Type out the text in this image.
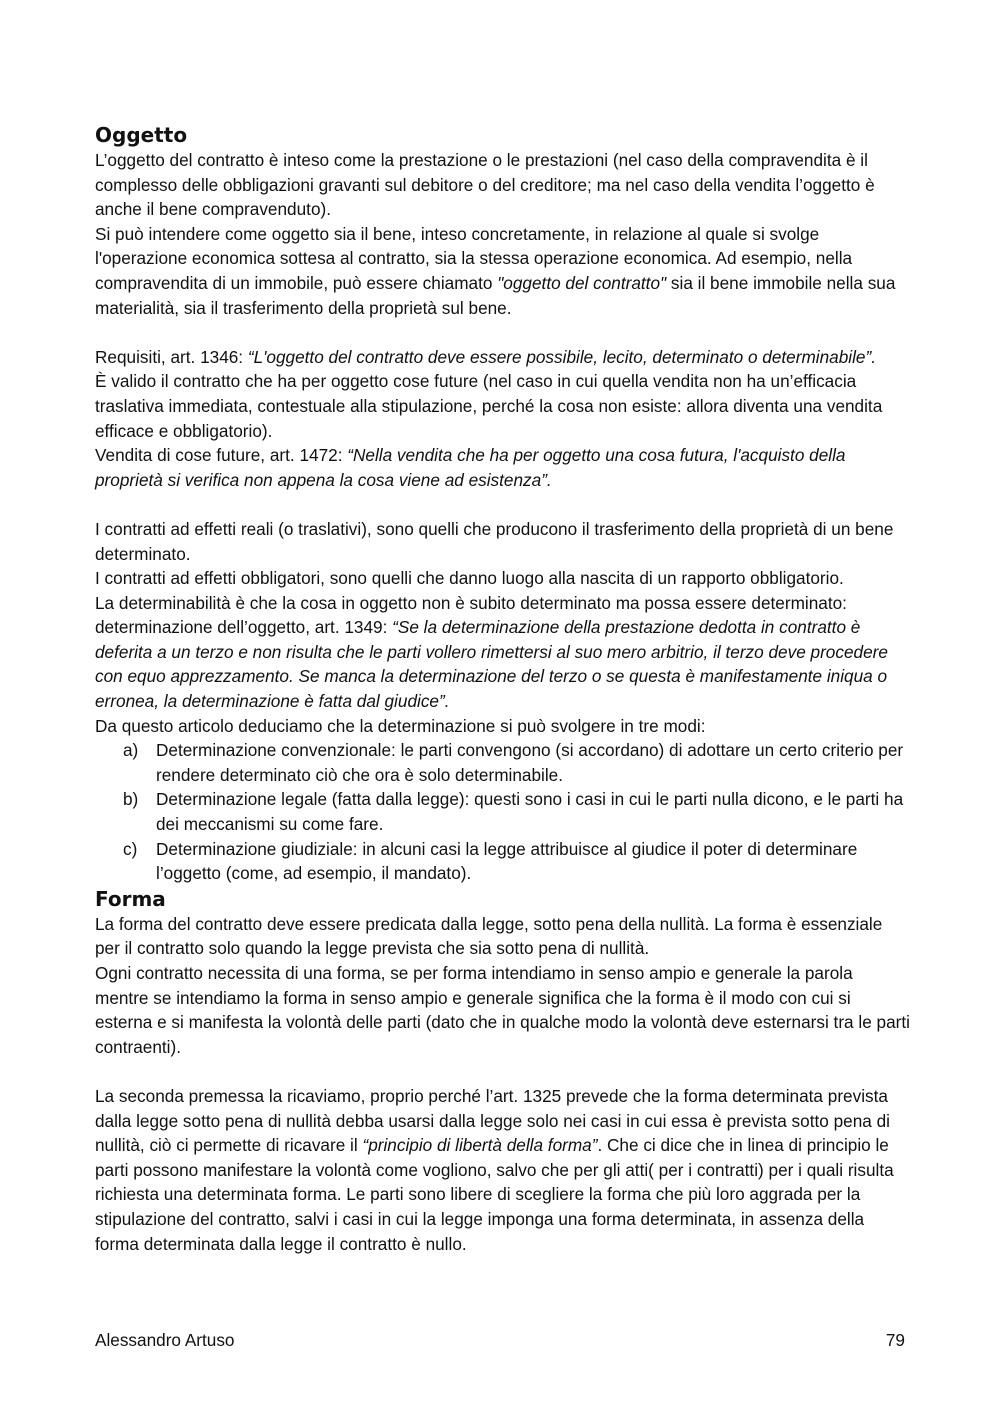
Oggetto

L’oggetto del contratto è inteso come la prestazione o le prestazioni (nel caso della compravendita è il complesso delle obbligazioni gravanti sul debitore o del creditore; ma nel caso della vendita l’oggetto è anche il bene compravenduto).

Si può intendere come oggetto sia il bene, inteso concretamente, in relazione al quale si svolge l'operazione economica sottesa al contratto, sia la stessa operazione economica. Ad esempio, nella compravendita di un immobile, può essere chiamato "oggetto del contratto" sia il bene immobile nella sua materialità, sia il trasferimento della proprietà sul bene.

Requisiti, art. 1346: “L'oggetto del contratto deve essere possibile, lecito, determinato o determinabile”.

È valido il contratto che ha per oggetto cose future (nel caso in cui quella vendita non ha un’efficacia traslativa immediata, contestuale alla stipulazione, perché la cosa non esiste: allora diventa una vendita efficace e obbligatorio).

Vendita di cose future, art. 1472: “Nella vendita che ha per oggetto una cosa futura, l'acquisto della proprietà si verifica non appena la cosa viene ad esistenza”.

I contratti ad effetti reali (o traslativi), sono quelli che producono il trasferimento della proprietà di un bene determinato.

I contratti ad effetti obbligatori, sono quelli che danno luogo alla nascita di un rapporto obbligatorio.

La determinabilità è che la cosa in oggetto non è subito determinato ma possa essere determinato: determinazione dell’oggetto, art. 1349: “Se la determinazione della prestazione dedotta in contratto è deferita a un terzo e non risulta che le parti vollero rimettersi al suo mero arbitrio, il terzo deve procedere con equo apprezzamento. Se manca la determinazione del terzo o se questa è manifestamente iniqua o erronea, la determinazione è fatta dal giudice”.

Da questo articolo deduciamo che la determinazione si può svolgere in tre modi:

a) Determinazione convenzionale: le parti convengono (si accordano) di adottare un certo criterio per rendere determinato ciò che ora è solo determinabile.
b) Determinazione legale (fatta dalla legge): questi sono i casi in cui le parti nulla dicono, e le parti ha dei meccanismi su come fare.
c) Determinazione giudiziale: in alcuni casi la legge attribuisce al giudice il poter di determinare l’oggetto (come, ad esempio, il mandato).
Forma

La forma del contratto deve essere predicata dalla legge, sotto pena della nullità. La forma è essenziale per il contratto solo quando la legge prevista che sia sotto pena di nullità.

Ogni contratto necessita di una forma, se per forma intendiamo in senso ampio e generale la parola mentre se intendiamo la forma in senso ampio e generale significa che la forma è il modo con cui si esterna e si manifesta la volontà delle parti (dato che in qualche modo la volontà deve esternarsi tra le parti contraenti).

La seconda premessa la ricaviamo, proprio perché l’art. 1325 prevede che la forma determinata prevista dalla legge sotto pena di nullità debba usarsi dalla legge solo nei casi in cui essa è prevista sotto pena di nullità, ciò ci permette di ricavare il “principio di libertà della forma”. Che ci dice che in linea di principio le parti possono manifestare la volontà come vogliono, salvo che per gli atti( per i contratti) per i quali risulta richiesta una determinata forma. Le parti sono libere di scegliere la forma che più loro aggrada per la stipulazione del contratto, salvi i casi in cui la legge imponga una forma determinata, in assenza della forma determinata dalla legge il contratto è nullo.

Alessandro Artuso	79
